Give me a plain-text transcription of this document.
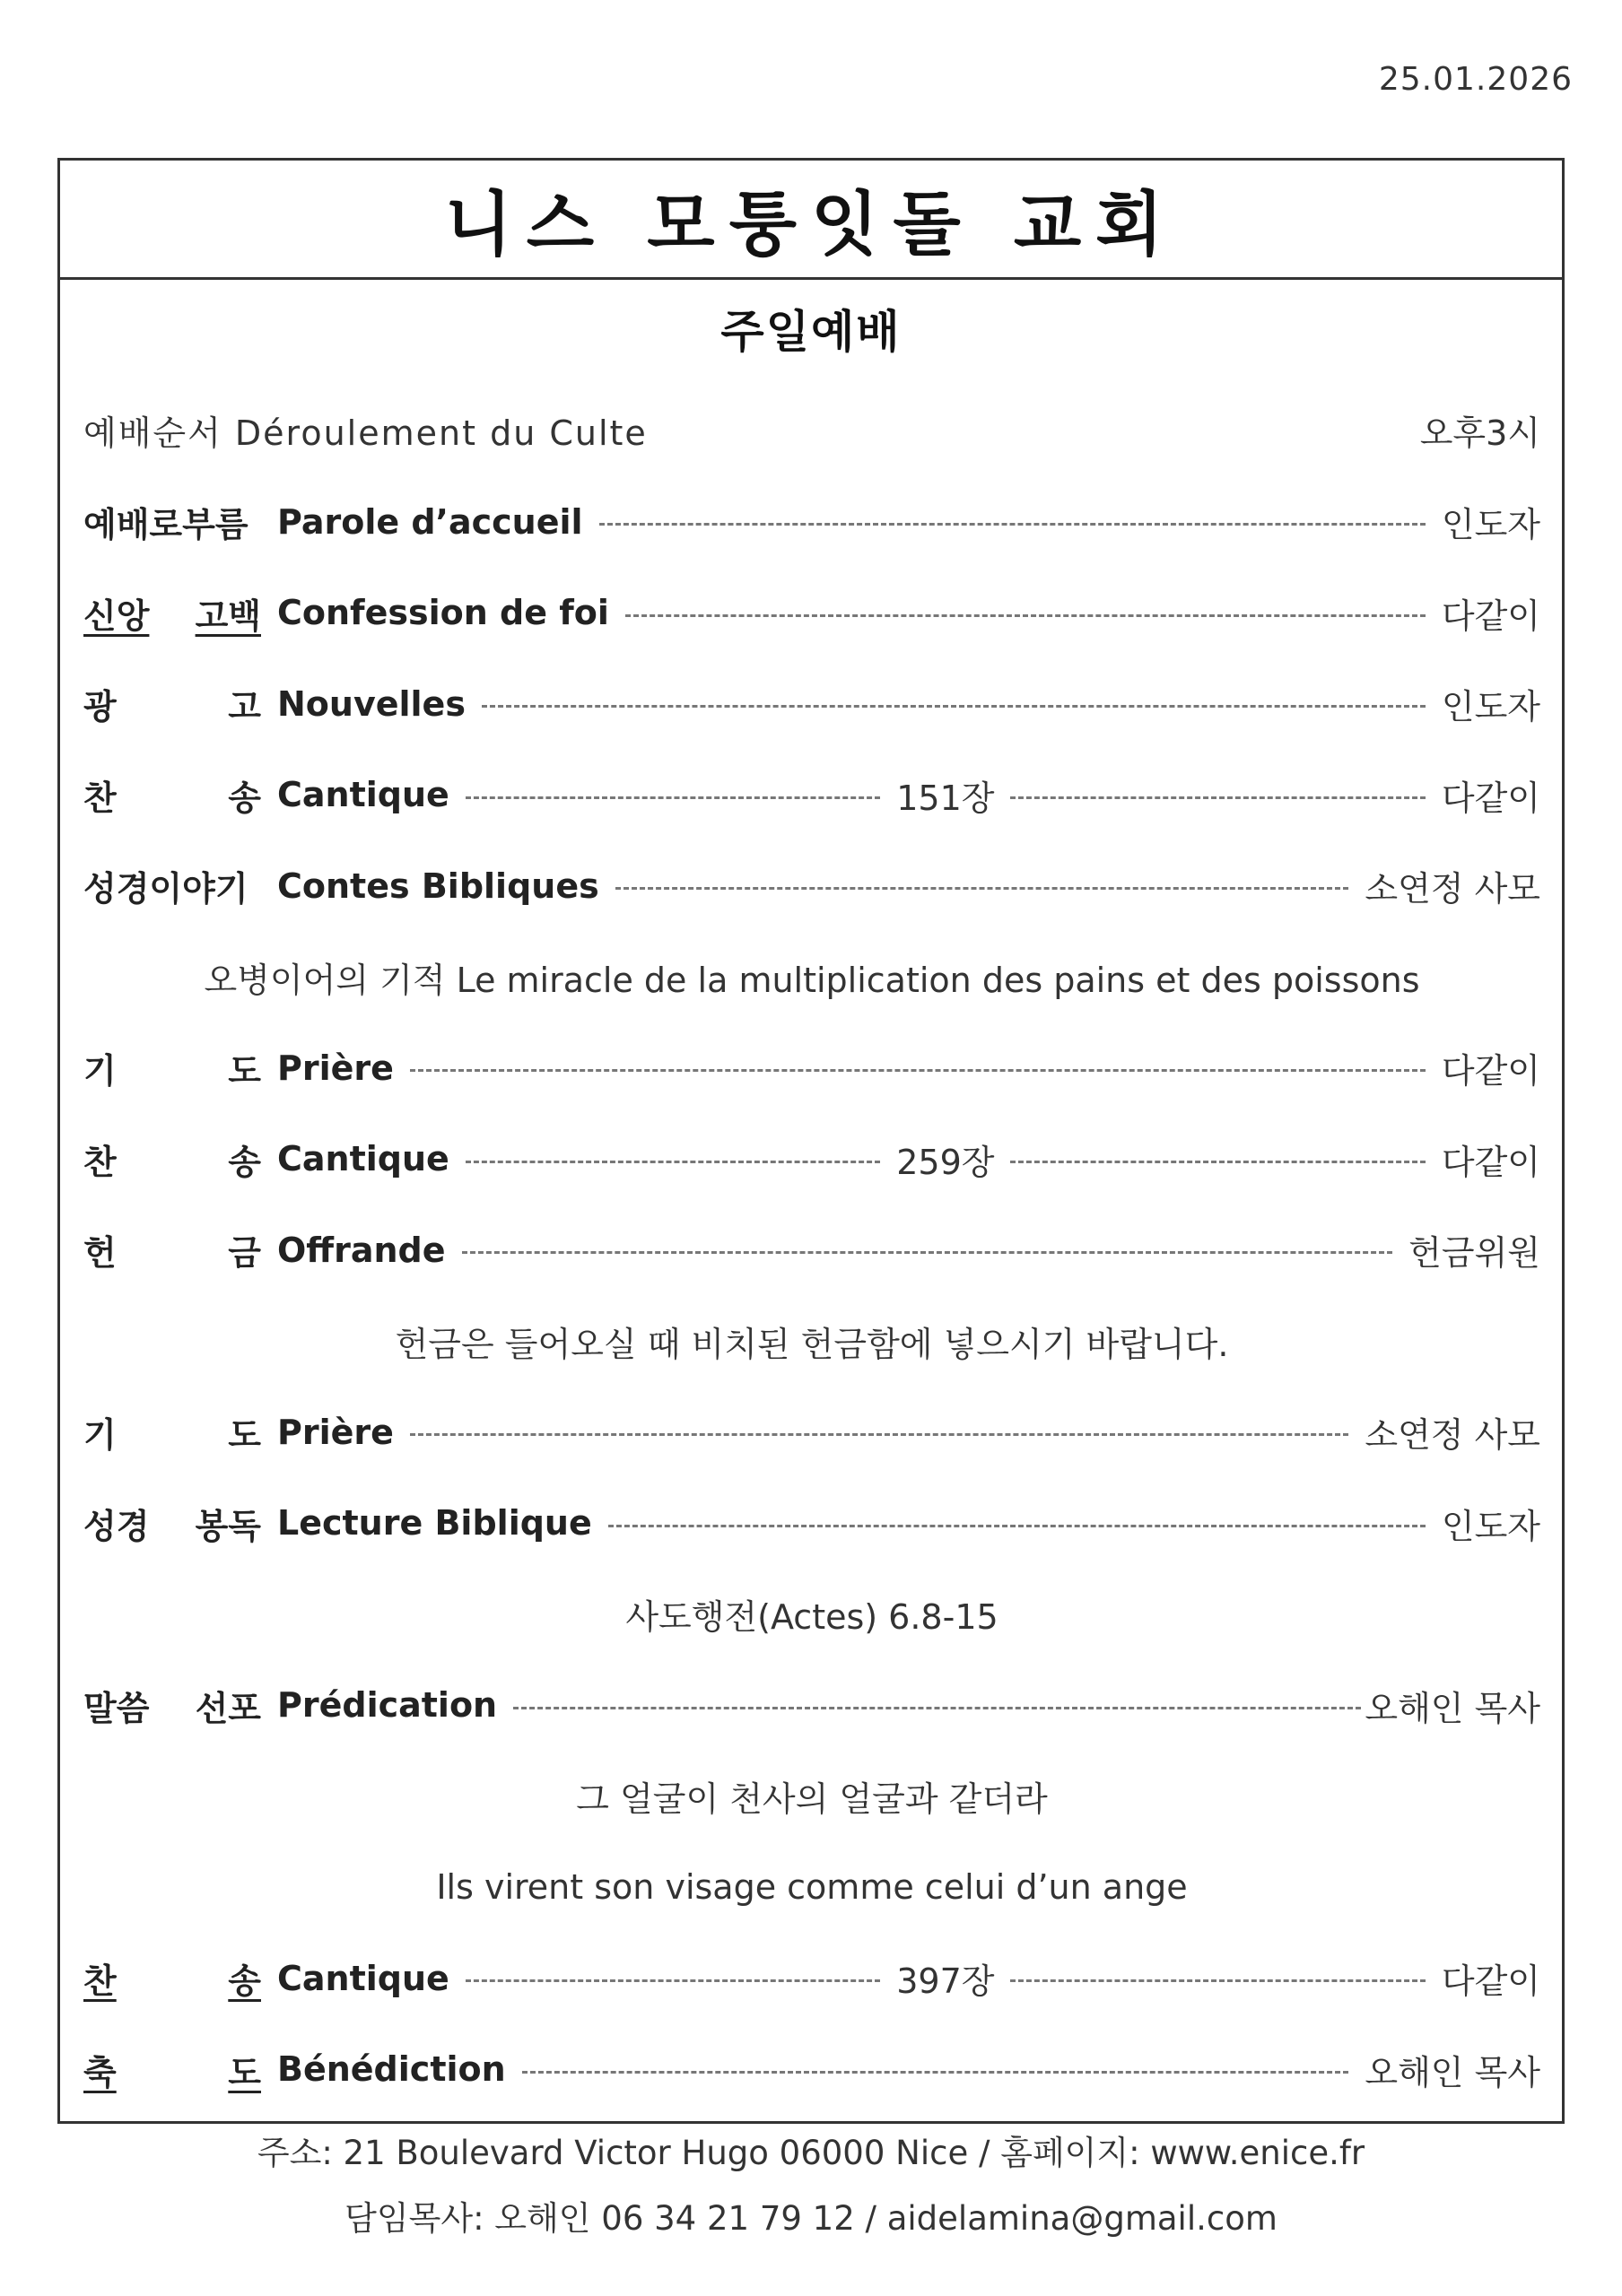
25.01.2026
니스 모퉁잇돌 교회
주일예배
예배순서 Déroulement du Culte	오후3시
예배로부름 Parole d’accueil	인도자
신앙 고백 Confession de foi	다같이
광	고 Nouvelles	인도자
찬	송 Cantique	151장	다같이
성경이야기 Contes Bibliques	소연정 사모
오병이어의 기적 Le miracle de la multiplication des pains et des poissons
기	도 Prière	다같이
찬	송 Cantique	259장	다같이
헌	금 Offrande	헌금위원
헌금은 들어오실 때 비치된 헌금함에 넣으시기 바랍니다.
기	도 Prière	소연정 사모
성경 봉독 Lecture Biblique	인도자
사도행전(Actes) 6.8-15
말씀 선포 Prédication	오해인 목사
그 얼굴이 천사의 얼굴과 같더라
Ils virent son visage comme celui d’un ange
찬	송 Cantique	397장	다같이
축	도 Bénédiction	오해인 목사
주소: 21 Boulevard Victor Hugo 06000 Nice / 홈페이지: www.enice.fr
담임목사: 오해인 06 34 21 79 12 / aidelamina@gmail.com
